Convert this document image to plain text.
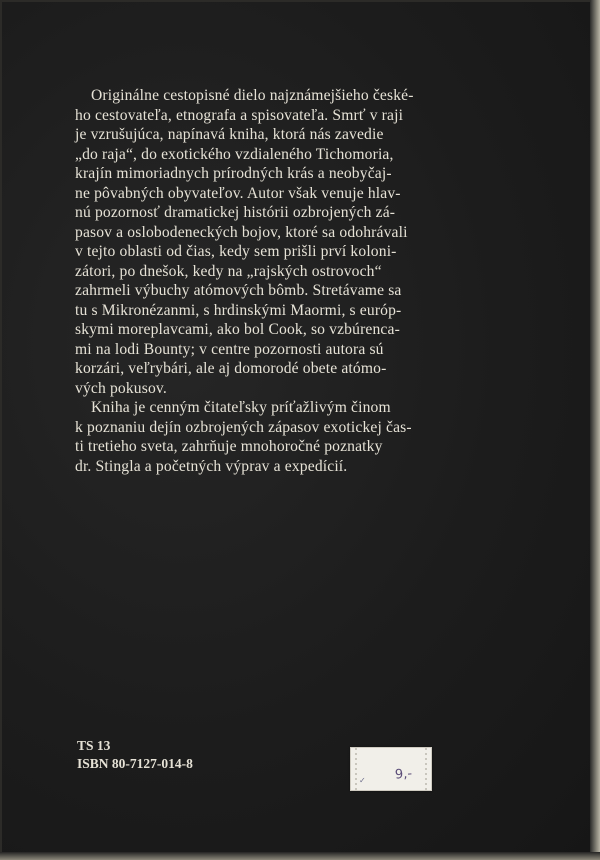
Originálne cestopisné dielo najznámejšieho české-
ho cestovateľa, etnografa a spisovateľa. Smrť v raji
je vzrušujúca, napínavá kniha, ktorá nás zavedie
„do raja“, do exotického vzdialeného Tichomoria,
krajín mimoriadnych prírodných krás a neobyčaj-
ne pôvabných obyvateľov. Autor však venuje hlav-
nú pozornosť dramatickej histórii ozbrojených zá-
pasov a oslobodeneckých bojov, ktoré sa odohrávali
v tejto oblasti od čias, kedy sem prišli prví koloni-
zátori, po dnešok, kedy na „rajských ostrovoch“
zahrmeli výbuchy atómových bômb. Stretávame sa
tu s Mikronézanmi, s hrdinskými Maormi, s európ-
skymi moreplavcami, ako bol Cook, so vzbúrenca-
mi na lodi Bounty; v centre pozornosti autora sú
korzári, veľrybári, ale aj domorodé obete atómo-
vých pokusov.

Kniha je cenným čitateľsky príťažlivým činom
k poznaniu dejín ozbrojených zápasov exotickej čas-
ti tretieho sveta, zahrňuje mnohoročné poznatky
dr. Stingla a početných výprav a expedícií.

TS 13
ISBN 80-7127-014-8
✓ 9,-
